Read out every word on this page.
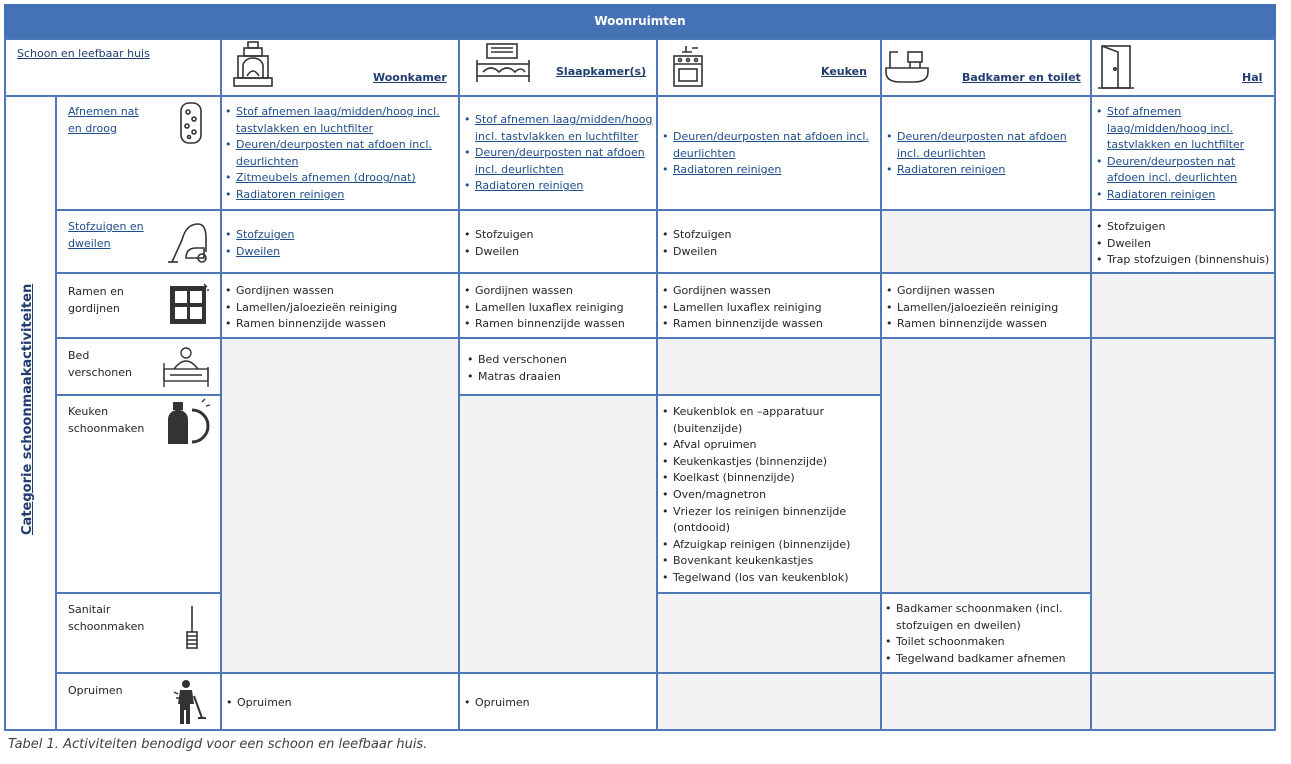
Woonruimten
Schoon en leefbaar huis
Woonkamer	Slaapkamer(s)	Keuken	Badkamer en toilet	Hal
Categorie schoonmaakactiviteiten
Afnemen nat en droog
Stofzuigen en dweilen
Ramen en gordijnen
Bed verschonen
Keuken schoonmaken
Sanitair schoonmaken
Opruimen
• Stof afnemen laag/midden/hoog incl. tastvlakken en luchtfilter
• Deuren/deurposten nat afdoen incl. deurlichten
• Zitmeubels afnemen (droog/nat)
• Radiatoren reinigen
• Stof afnemen laag/midden/hoog incl. tastvlakken en luchtfilter
• Deuren/deurposten nat afdoen incl. deurlichten
• Radiatoren reinigen
• Deuren/deurposten nat afdoen incl. deurlichten
• Radiatoren reinigen
• Deuren/deurposten nat afdoen incl. deurlichten
• Radiatoren reinigen
• Stof afnemen laag/midden/hoog incl. tastvlakken en luchtfilter
• Deuren/deurposten nat afdoen incl. deurlichten
• Radiatoren reinigen
• Stofzuigen
• Dweilen
• Stofzuigen
• Dweilen
• Stofzuigen
• Dweilen
• Stofzuigen
• Dweilen
• Trap stofzuigen (binnenshuis)
• Gordijnen wassen
• Lamellen/jaloezieën reiniging
• Ramen binnenzijde wassen
• Gordijnen wassen
• Lamellen luxaflex reiniging
• Ramen binnenzijde wassen
• Gordijnen wassen
• Lamellen luxaflex reiniging
• Ramen binnenzijde wassen
• Gordijnen wassen
• Lamellen/jaloezieën reiniging
• Ramen binnenzijde wassen
• Bed verschonen
• Matras draaien
• Keukenblok en –apparatuur (buitenzijde)
• Afval opruimen
• Keukenkastjes (binnenzijde)
• Koelkast (binnenzijde)
• Oven/magnetron
• Vriezer los reinigen binnenzijde (ontdooid)
• Afzuigkap reinigen (binnenzijde)
• Bovenkant keukenkastjes
• Tegelwand (los van keukenblok)
• Badkamer schoonmaken (incl. stofzuigen en dweilen)
• Toilet schoonmaken
• Tegelwand badkamer afnemen
• Opruimen
•	Opruimen
Tabel 1. Activiteiten benodigd voor een schoon en leefbaar huis.
